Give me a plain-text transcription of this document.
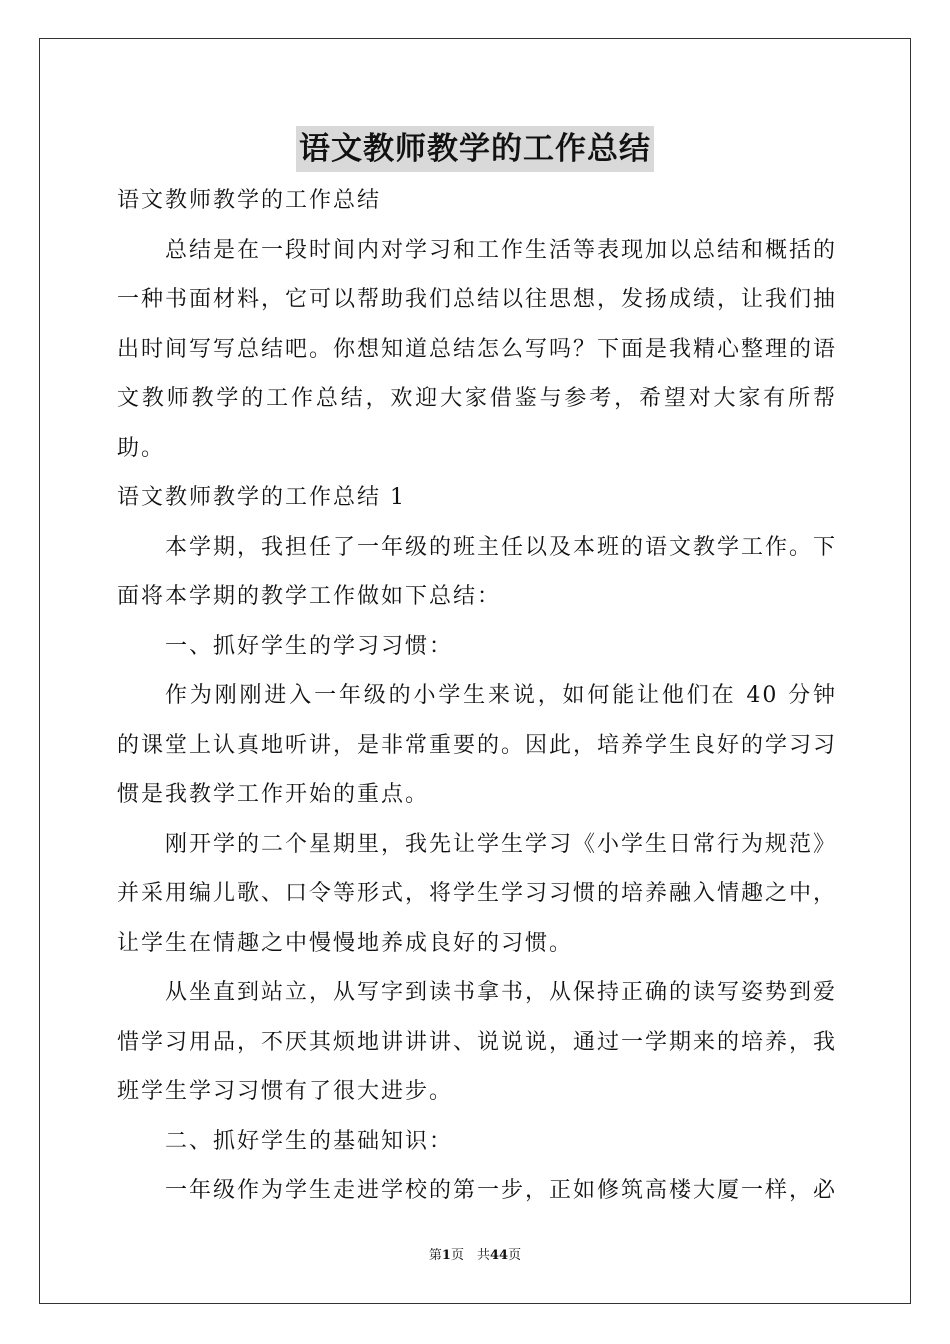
语文教师教学的工作总结

语文教师教学的工作总结

总结是在一段时间内对学习和工作生活等表现加以总结和概括的一种书面材料，它可以帮助我们总结以往思想，发扬成绩，让我们抽出时间写写总结吧。你想知道总结怎么写吗？下面是我精心整理的语文教师教学的工作总结，欢迎大家借鉴与参考，希望对大家有所帮助。

语文教师教学的工作总结 1

本学期，我担任了一年级的班主任以及本班的语文教学工作。下面将本学期的教学工作做如下总结：

一、抓好学生的学习习惯：

作为刚刚进入一年级的小学生来说，如何能让他们在 40 分钟的课堂上认真地听讲，是非常重要的。因此，培养学生良好的学习习惯是我教学工作开始的重点。

刚开学的二个星期里，我先让学生学习《小学生日常行为规范》并采用编儿歌、口令等形式，将学生学习习惯的培养融入情趣之中，让学生在情趣之中慢慢地养成良好的习惯。

从坐直到站立，从写字到读书拿书，从保持正确的读写姿势到爱惜学习用品，不厌其烦地讲讲讲、说说说，通过一学期来的培养，我班学生学习习惯有了很大进步。

二、抓好学生的基础知识：

一年级作为学生走进学校的第一步，正如修筑高楼大厦一样，必

第1页　共44页
